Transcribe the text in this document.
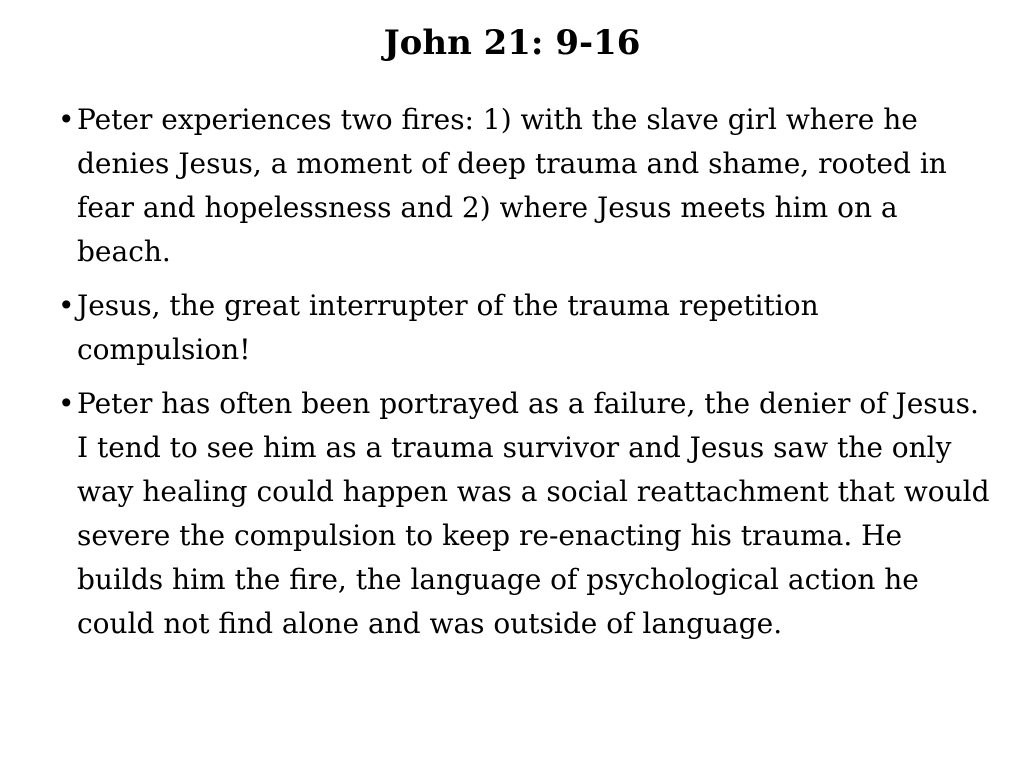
John 21: 9-16
• Peter experiences two fires: 1) with the slave girl where he denies Jesus, a moment of deep trauma and shame, rooted in fear and hopelessness and 2) where Jesus meets him on a beach.
• Jesus, the great interrupter of the trauma repetition compulsion!
• Peter has often been portrayed as a failure, the denier of Jesus. I tend to see him as a trauma survivor and Jesus saw the only way healing could happen was a social reattachment that would severe the compulsion to keep re-enacting his trauma. He builds him the fire, the language of psychological action he could not find alone and was outside of language.
